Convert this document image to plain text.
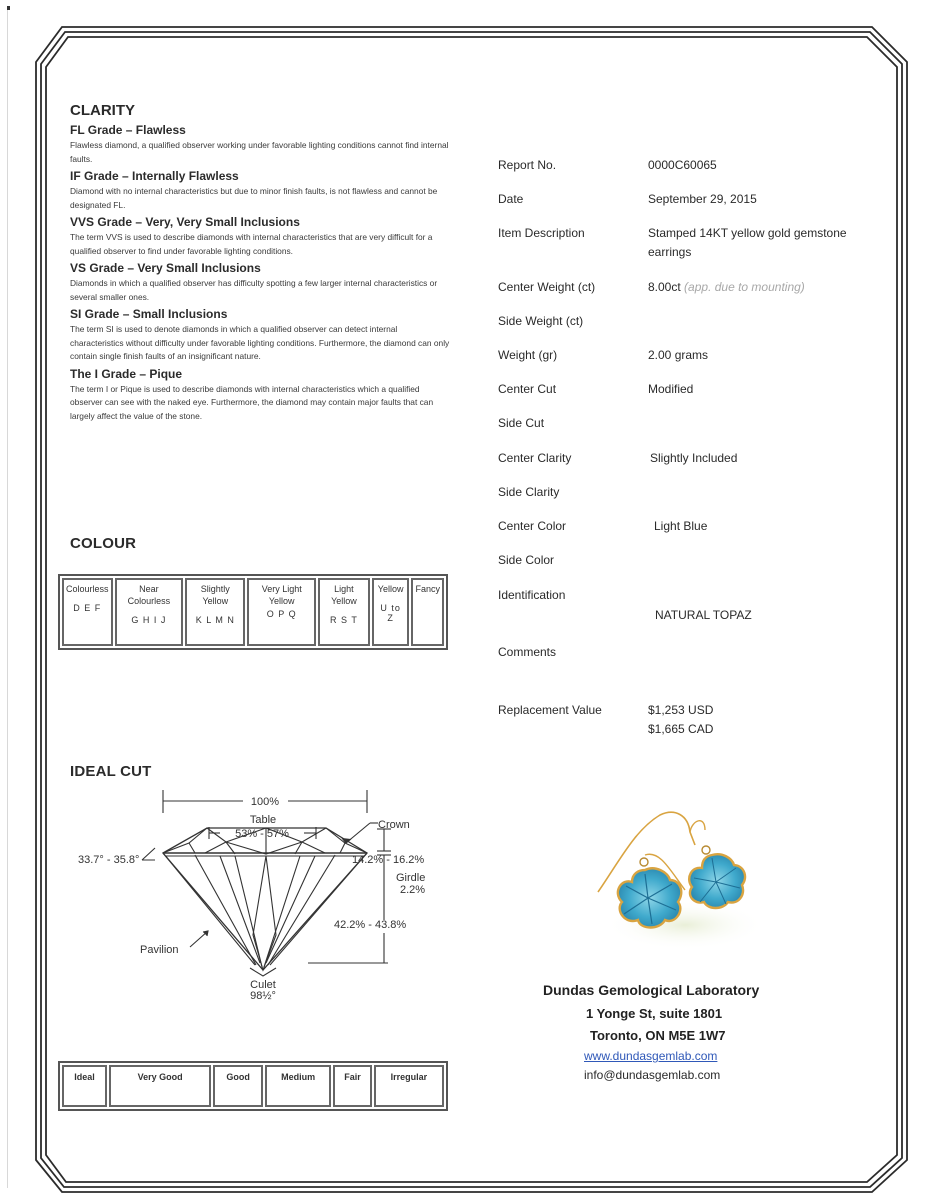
CLARITY
FL Grade – Flawless

Flawless diamond, a qualified observer working under favorable lighting conditions cannot find internal faults.

IF Grade – Internally Flawless

Diamond with no internal characteristics but due to minor finish faults, is not flawless and cannot be designated FL.

VVS Grade – Very, Very Small Inclusions

The term VVS is used to describe diamonds with internal characteristics that are very difficult for a qualified observer to find under favorable lighting conditions.

VS Grade – Very Small Inclusions

Diamonds in which a qualified observer has difficulty spotting a few larger internal characteristics or several smaller ones.

SI Grade – Small Inclusions

The term SI is used to denote diamonds in which a qualified observer can detect internal characteristics without difficulty under favorable lighting conditions. Furthermore, the diamond can only contain single finish faults of an insignificant nature.

The I Grade – Pique

The term I or Pique is used to describe diamonds with internal characteristics which a qualified observer can see with the naked eye. Furthermore, the diamond may contain major faults that can largely affect the value of the stone.

COLOUR
Colourless
D E F

Near Colourless
G H I J

Slightly Yellow
K L M N

Very Light Yellow
O P Q

Light Yellow
R S T

Yellow
U to Z

Fancy
IDEAL CUT
100%
Table
53% - 57%
Crown
33.7° - 35.8°	14.2% - 16.2%
Girdle
2.2%
42.2% - 43.8%
Pavilion
Culet
98½°
Ideal	Very Good	Good	Medium	Fair	Irregular
Report No.	0000C60065
Date	September 29, 2015
Item Description	Stamped 14KT yellow gold gemstone earrings
Center Weight (ct)	8.00ct (app. due to mounting)
Side Weight (ct)
Weight (gr)	2.00 grams
Center Cut	Modified
Side Cut
Center Clarity	Slightly Included
Side Clarity
Center Color	Light Blue
Side Color
Identification
NATURAL TOPAZ
Comments
Replacement Value	$1,253 USD
$1,665 CAD
Dundas Gemological Laboratory
1 Yonge St, suite 1801
Toronto, ON M5E 1W7
www.dundasgemlab.com
info@dundasgemlab.com
